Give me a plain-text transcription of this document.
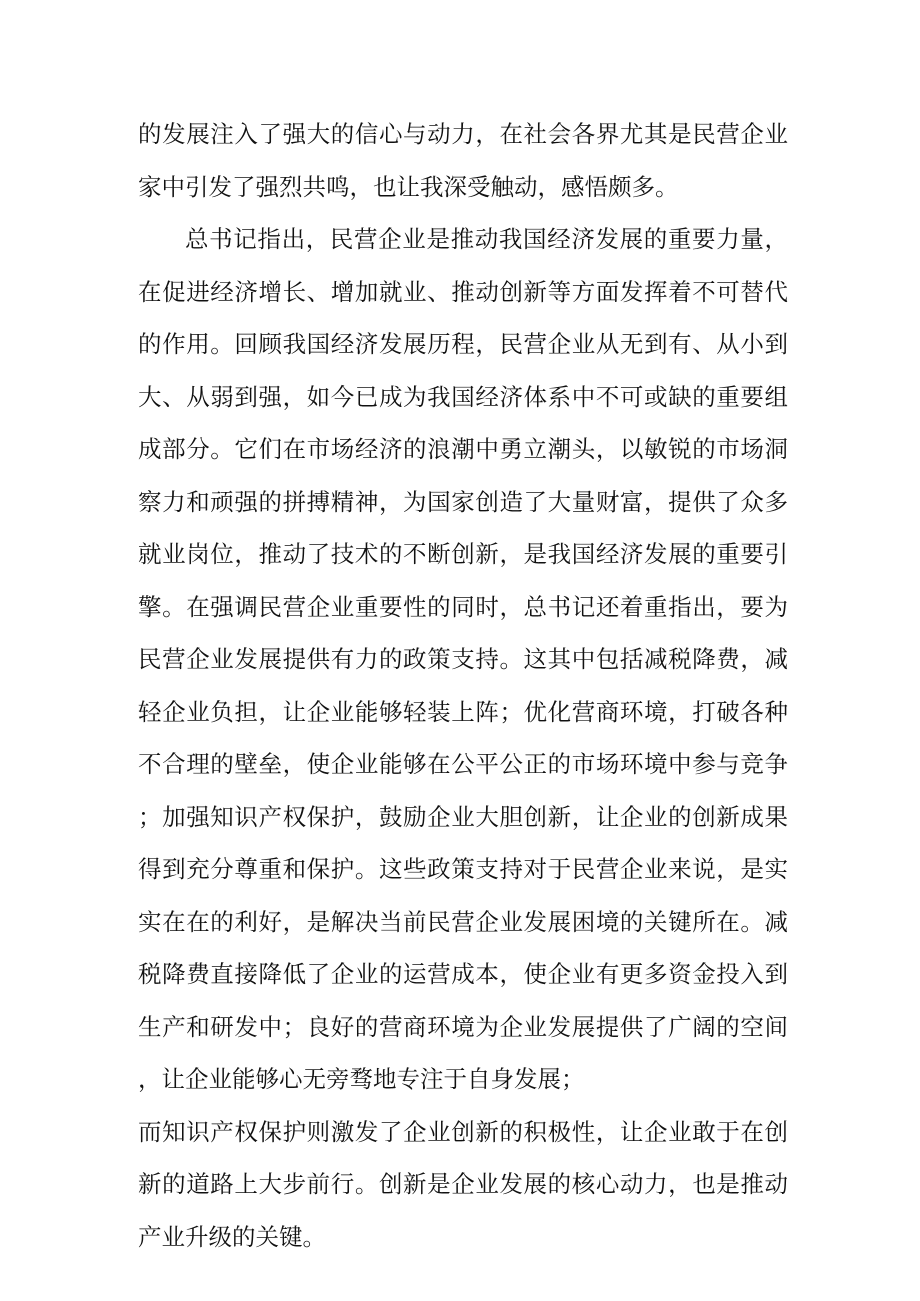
的发展注入了强大的信心与动力，在社会各界尤其是民营企业家中引发了强烈共鸣，也让我深受触动，感悟颇多。

总书记指出，民营企业是推动我国经济发展的重要力量，在促进经济增长、增加就业、推动创新等方面发挥着不可替代的作用。回顾我国经济发展历程，民营企业从无到有、从小到大、从弱到强，如今已成为我国经济体系中不可或缺的重要组成部分。它们在市场经济的浪潮中勇立潮头，以敏锐的市场洞察力和顽强的拼搏精神，为国家创造了大量财富，提供了众多就业岗位，推动了技术的不断创新，是我国经济发展的重要引擎。在强调民营企业重要性的同时，总书记还着重指出，要为民营企业发展提供有力的政策支持。这其中包括减税降费，减轻企业负担，让企业能够轻装上阵；优化营商环境，打破各种不合理的壁垒，使企业能够在公平公正的市场环境中参与竞争；加强知识产权保护，鼓励企业大胆创新，让企业的创新成果得到充分尊重和保护。这些政策支持对于民营企业来说，是实实在在的利好，是解决当前民营企业发展困境的关键所在。减税降费直接降低了企业的运营成本，使企业有更多资金投入到生产和研发中；良好的营商环境为企业发展提供了广阔的空间，让企业能够心无旁骛地专注于自身发展；

而知识产权保护则激发了企业创新的积极性，让企业敢于在创新的道路上大步前行。创新是企业发展的核心动力，也是推动产业升级的关键。
